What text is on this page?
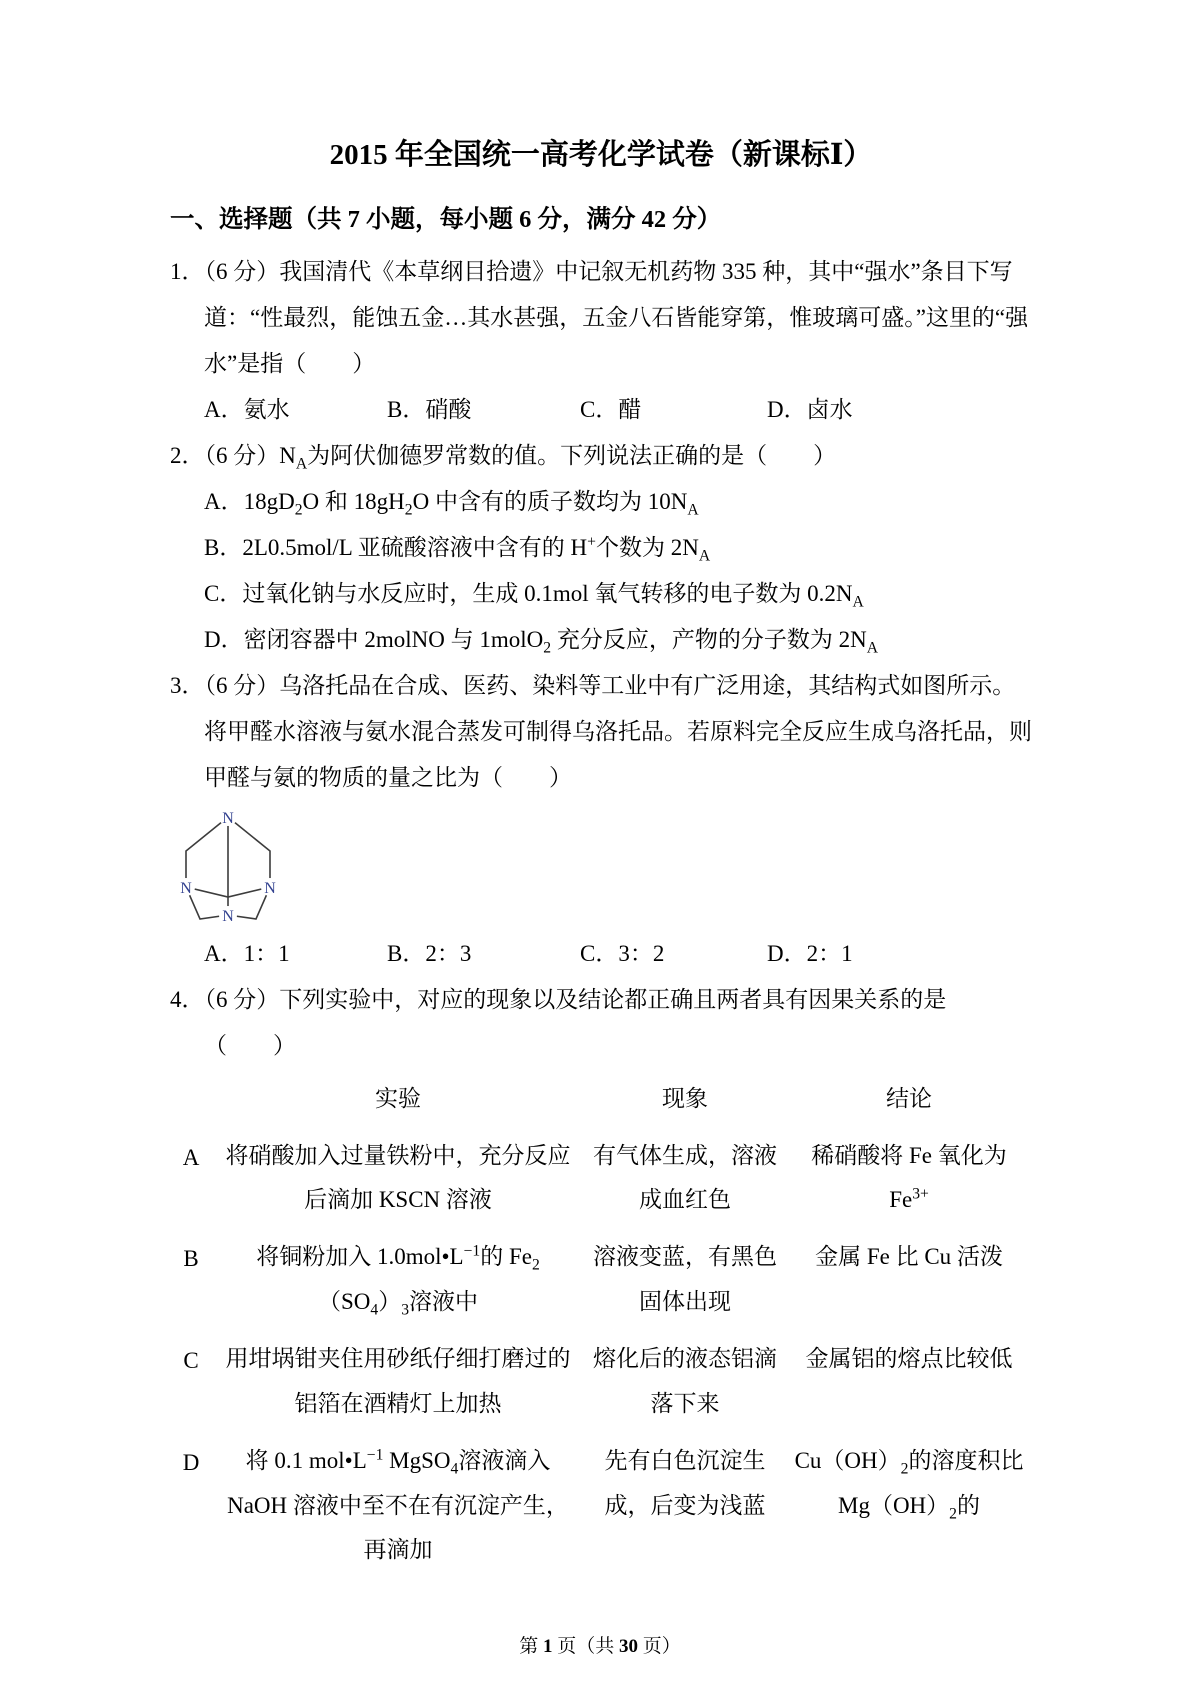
2015 年全国统一高考化学试卷（新课标Ⅰ）
一、选择题（共 7 小题，每小题 6 分，满分 42 分）
1．（6 分）我国清代《本草纲目拾遗》中记叙无机药物 335 种，其中“强水”条目下写道：“性最烈，能蚀五金…其水甚强，五金八石皆能穿第，惟玻璃可盛。”这里的“强水”是指（　　）
A．氨水	B．硝酸	C．醋	D．卤水
2．（6 分）$N_A$为阿伏伽德罗常数的值。下列说法正确的是（　　）
A．$18gD_2O$ 和 $18gH_2O$ 中含有的质子数均为 $10N_A$
B．2L0.5mol/L 亚硫酸溶液中含有的 H+个数为 $2N_A$
C．过氧化钠与水反应时，生成 0.1mol 氧气转移的电子数为 $0.2N_A$
D．密闭容器中 2molNO 与 1molO$_2$ 充分反应，产物的分子数为 $2N_A$
3．（6 分）乌洛托品在合成、医药、染料等工业中有广泛用途，其结构式如图所示。将甲醛水溶液与氨水混合蒸发可制得乌洛托品。若原料完全反应生成乌洛托品，则甲醛与氨的物质的量之比为（　　）
N
N	N
N
A．1：1	B．2：3	C．3：2	D．2：1
4．（6 分）下列实验中，对应的现象以及结论都正确且两者具有因果关系的是
（　　）
	实验	现象	结论
A	将硝酸加入过量铁粉中，充分反应后滴加 KSCN 溶液	有气体生成，溶液成血红色	稀硝酸将 Fe 氧化为 $Fe^{3+}$
B	将铜粉加入 $1.0mol•L^{-1}$的 $Fe_2(SO_4)_3$溶液中	溶液变蓝，有黑色固体出现	金属 Fe 比 Cu 活泼
C	用坩埚钳夹住用砂纸仔细打磨过的铝箔在酒精灯上加热	熔化后的液态铝滴落下来	金属铝的熔点比较低
D	将 0.1 $mol•L^{-1}$ MgSO$_4$溶液滴入 NaOH 溶液中至不在有沉淀产生，再滴加	先有白色沉淀生成，后变为浅蓝	$Cu(OH)_2$的溶度积比 $Mg(OH)_2$的
第 1 页（共 30 页）
